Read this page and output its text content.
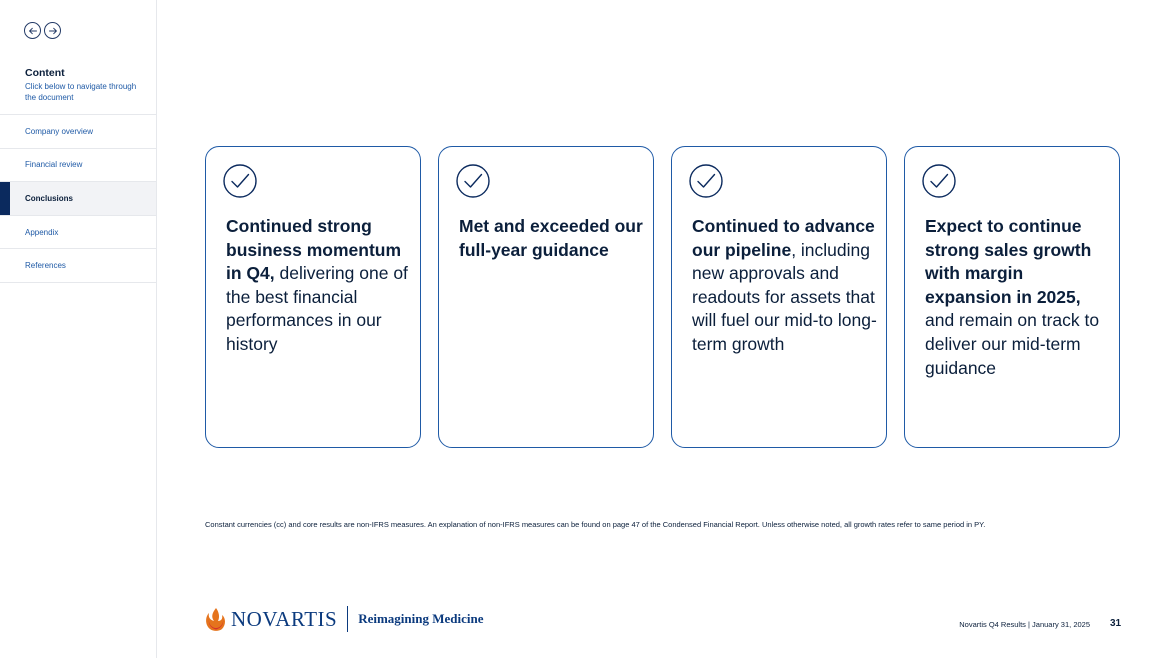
Content
Click below to navigate through the document
Company overview
Financial review
Conclusions
Appendix
References
Continued strong business momentum in Q4, delivering one of the best financial performances in our history
Met and exceeded our full-year guidance
Continued to advance our pipeline, including new approvals and readouts for assets that will fuel our mid-to long-term growth
Expect to continue strong sales growth with margin expansion in 2025, and remain on track to deliver our mid-term guidance
Constant currencies (cc) and core results are non-IFRS measures. An explanation of non-IFRS measures can be found on page 47 of the Condensed Financial Report. Unless otherwise noted, all growth rates refer to same period in PY.
NOVARTIS Reimagining Medicine	Novartis Q4 Results | January 31, 2025 31
